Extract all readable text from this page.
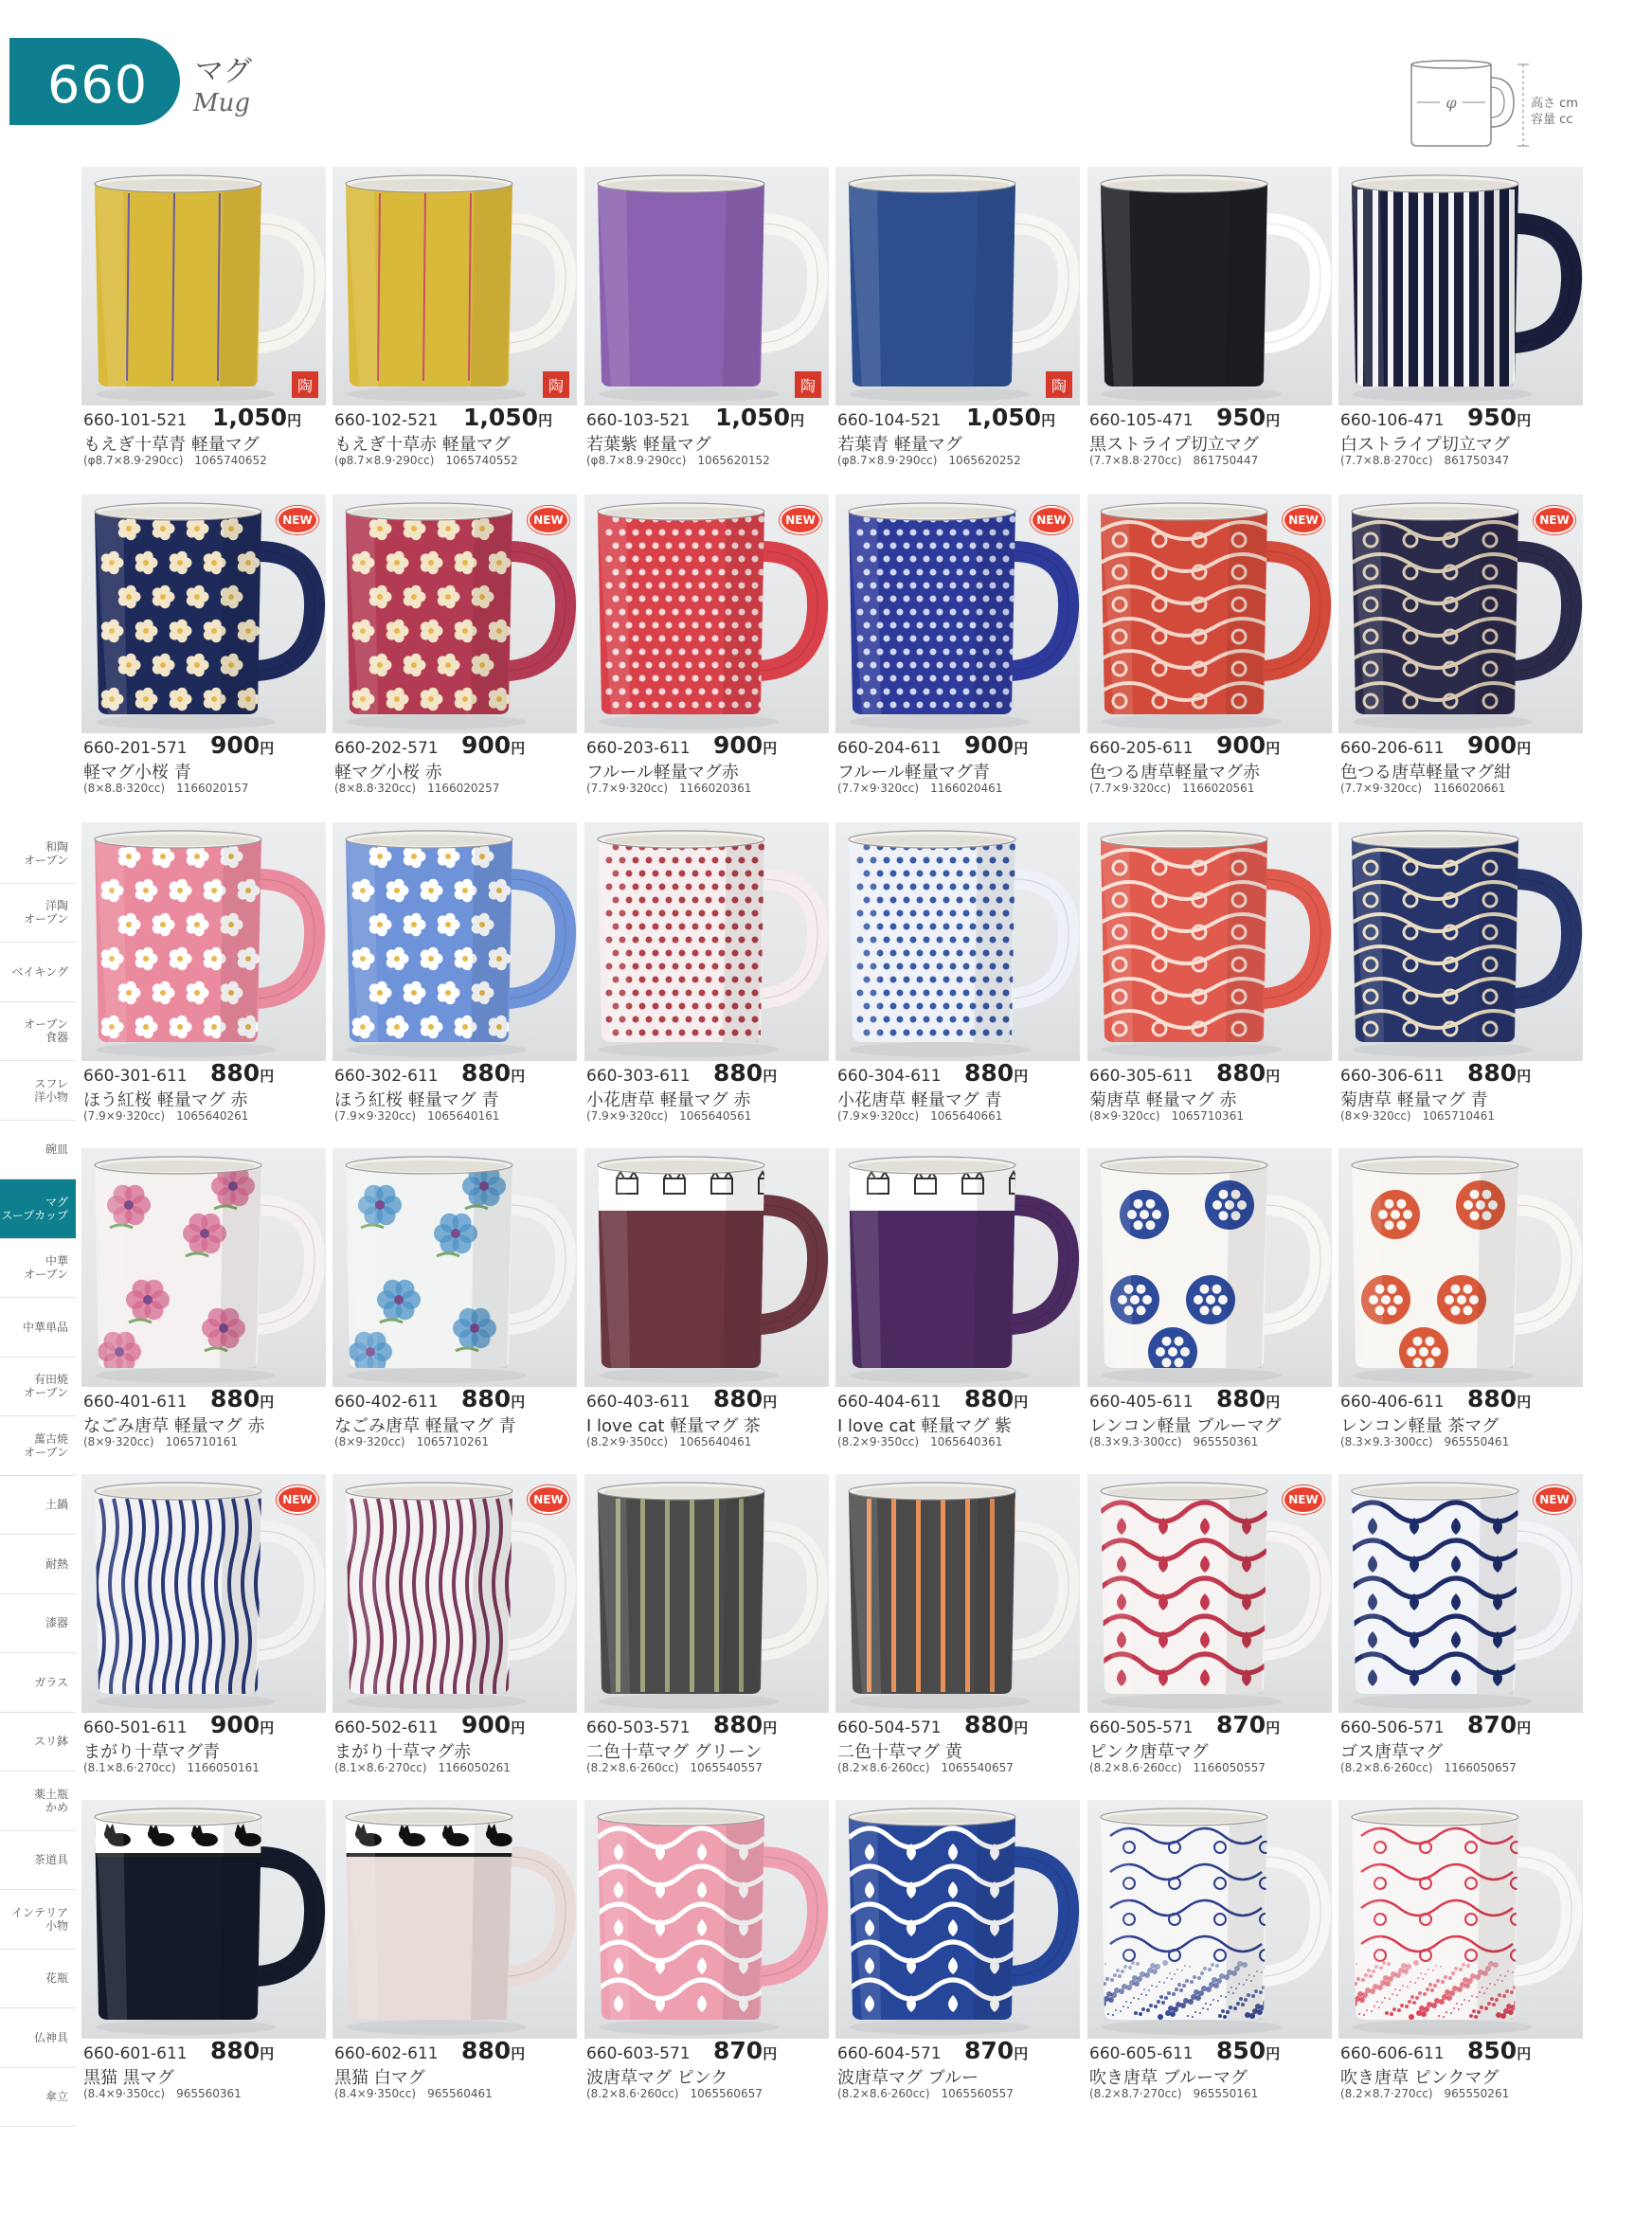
660 マグ
Mug	φ	高さ cm
容量 cc
和陶
オーブン
洋陶
オーブン
ベイキング
オーブン
食器
スフレ
洋小物
碗皿
マグ
スープカップ
中華
オーブン
中華単品
有田焼
オーブン
萬古焼
オーブン
土鍋
耐熱
漆器
ガラス
スリ鉢
薬土瓶
かめ
茶道具
インテリア
小物
花瓶
仏神具
傘立
陶
660-101-521 1,050円
もえぎ十草青 軽量マグ
(φ8.7×8.9·290cc) 1065740652
陶
660-102-521 1,050円
もえぎ十草赤 軽量マグ
(φ8.7×8.9·290cc) 1065740552
陶
660-103-521 1,050円
若葉紫 軽量マグ
(φ8.7×8.9·290cc) 1065620152
陶
660-104-521 1,050円
若葉青 軽量マグ
(φ8.7×8.9·290cc) 1065620252
660-105-471 950円
黒ストライプ切立マグ
(7.7×8.8·270cc) 861750447
660-106-471 950円
白ストライプ切立マグ
(7.7×8.8·270cc) 861750347
NEW
660-201-571 900円
軽マグ小桜 青
(8×8.8·320cc) 1166020157
NEW
660-202-571 900円
軽マグ小桜 赤
(8×8.8·320cc) 1166020257
NEW
660-203-611 900円
フルール軽量マグ赤
(7.7×9·320cc) 1166020361
NEW
660-204-611 900円
フルール軽量マグ青
(7.7×9·320cc) 1166020461
NEW
660-205-611 900円
色つる唐草軽量マグ赤
(7.7×9·320cc) 1166020561
NEW
660-206-611 900円
色つる唐草軽量マグ紺
(7.7×9·320cc) 1166020661
660-301-611 880円
ほう紅桜 軽量マグ 赤
(7.9×9·320cc) 1065640261
660-302-611 880円
ほう紅桜 軽量マグ 青
(7.9×9·320cc) 1065640161
660-303-611 880円
小花唐草 軽量マグ 赤
(7.9×9·320cc) 1065640561
660-304-611 880円
小花唐草 軽量マグ 青
(7.9×9·320cc) 1065640661
660-305-611 880円
菊唐草 軽量マグ 赤
(8×9·320cc) 1065710361
660-306-611 880円
菊唐草 軽量マグ 青
(8×9·320cc) 1065710461
660-401-611 880円
なごみ唐草 軽量マグ 赤
(8×9·320cc) 1065710161
660-402-611 880円
なごみ唐草 軽量マグ 青
(8×9·320cc) 1065710261
660-403-611 880円
I love cat 軽量マグ 茶
(8.2×9·350cc) 1065640461
660-404-611 880円
I love cat 軽量マグ 紫
(8.2×9·350cc) 1065640361
660-405-611 880円
レンコン軽量 ブルーマグ
(8.3×9.3·300cc) 965550361
660-406-611 880円
レンコン軽量 茶マグ
(8.3×9.3·300cc) 965550461
NEW
660-501-611 900円
まがり十草マグ青
(8.1×8.6·270cc) 1166050161
NEW
660-502-611 900円
まがり十草マグ赤
(8.1×8.6·270cc) 1166050261
660-503-571 880円
二色十草マグ グリーン
(8.2×8.6·260cc) 1065540557
660-504-571 880円
二色十草マグ 黄
(8.2×8.6·260cc) 1065540657
NEW
660-505-571 870円
ピンク唐草マグ
(8.2×8.6·260cc) 1166050557
NEW
660-506-571 870円
ゴス唐草マグ
(8.2×8.6·260cc) 1166050657
660-601-611 880円
黒猫 黒マグ
(8.4×9·350cc) 965560361
660-602-611 880円
黒猫 白マグ
(8.4×9·350cc) 965560461
660-603-571 870円
波唐草マグ ピンク
(8.2×8.6·260cc) 1065560657
660-604-571 870円
波唐草マグ ブルー
(8.2×8.6·260cc) 1065560557
660-605-611 850円
吹き唐草 ブルーマグ
(8.2×8.7·270cc) 965550161
660-606-611 850円
吹き唐草 ピンクマグ
(8.2×8.7·270cc) 965550261
